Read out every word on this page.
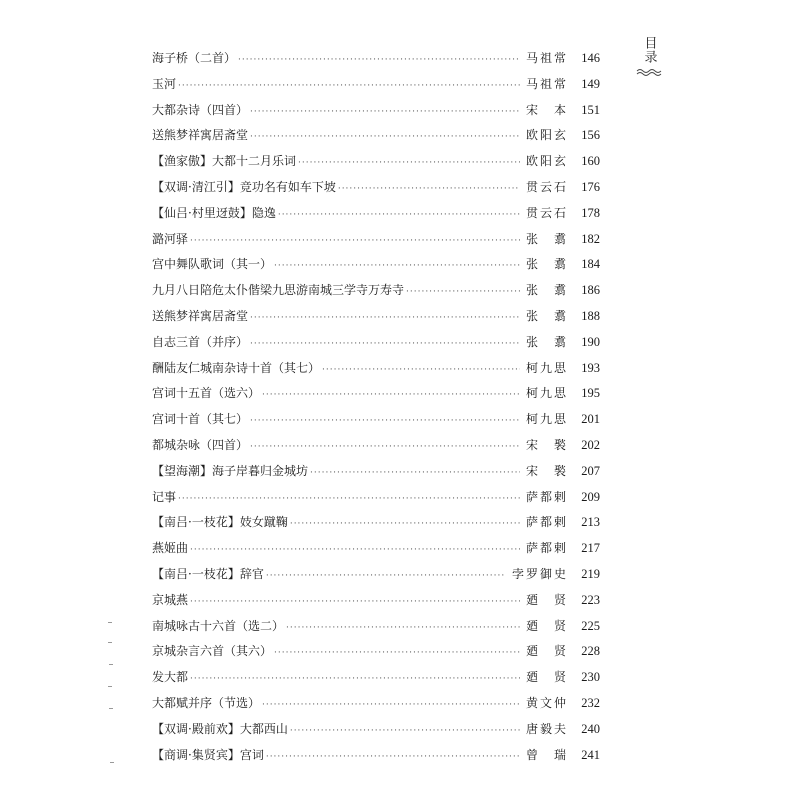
目录
海子桥（二首） ·····	马祖常 146
玉河 ·····	马祖常 149
大都杂诗（四首） ·····	宋　本 151
送熊梦祥寓居斋堂 ·····	欧阳玄 156
【渔家傲】大都十二月乐词 ·····	欧阳玄 160
【双调·清江引】竞功名有如车下坡 ·····	贯云石 176
【仙吕·村里迓鼓】隐逸 ·····	贯云石 178
潞河驿 ·····	张　翥 182
宫中舞队歌词（其一） ·····	张　翥 184
九月八日陪危太仆偕梁九思游南城三学寺万寿寺 ·····	张　翥 186
送熊梦祥寓居斋堂 ·····	张　翥 188
自志三首（并序） ·····	张　翥 190
酬陆友仁城南杂诗十首（其七） ·····	柯九思 193
宫词十五首（选六） ·····	柯九思 195
宫词十首（其七） ·····	柯九思 201
都城杂咏（四首） ·····	宋　褧 202
【望海潮】海子岸暮归金城坊 ·····	宋　褧 207
记事 ·····	萨都剌 209
【南吕·一枝花】妓女蹴鞠 ·····	萨都剌 213
燕姬曲 ·····	萨都剌 217
【南吕·一枝花】辞官 ·····	孛罗御史 219
京城燕 ·····	廼　贤 223
南城咏古十六首（选二） ·····	廼　贤 225
京城杂言六首（其六） ·····	廼　贤 228
发大都 ·····	廼　贤 230
大都赋并序（节选） ·····	黄文仲 232
【双调·殿前欢】大都西山 ·····	唐毅夫 240
【商调·集贤宾】宫词 ·····	曾　瑞 241
